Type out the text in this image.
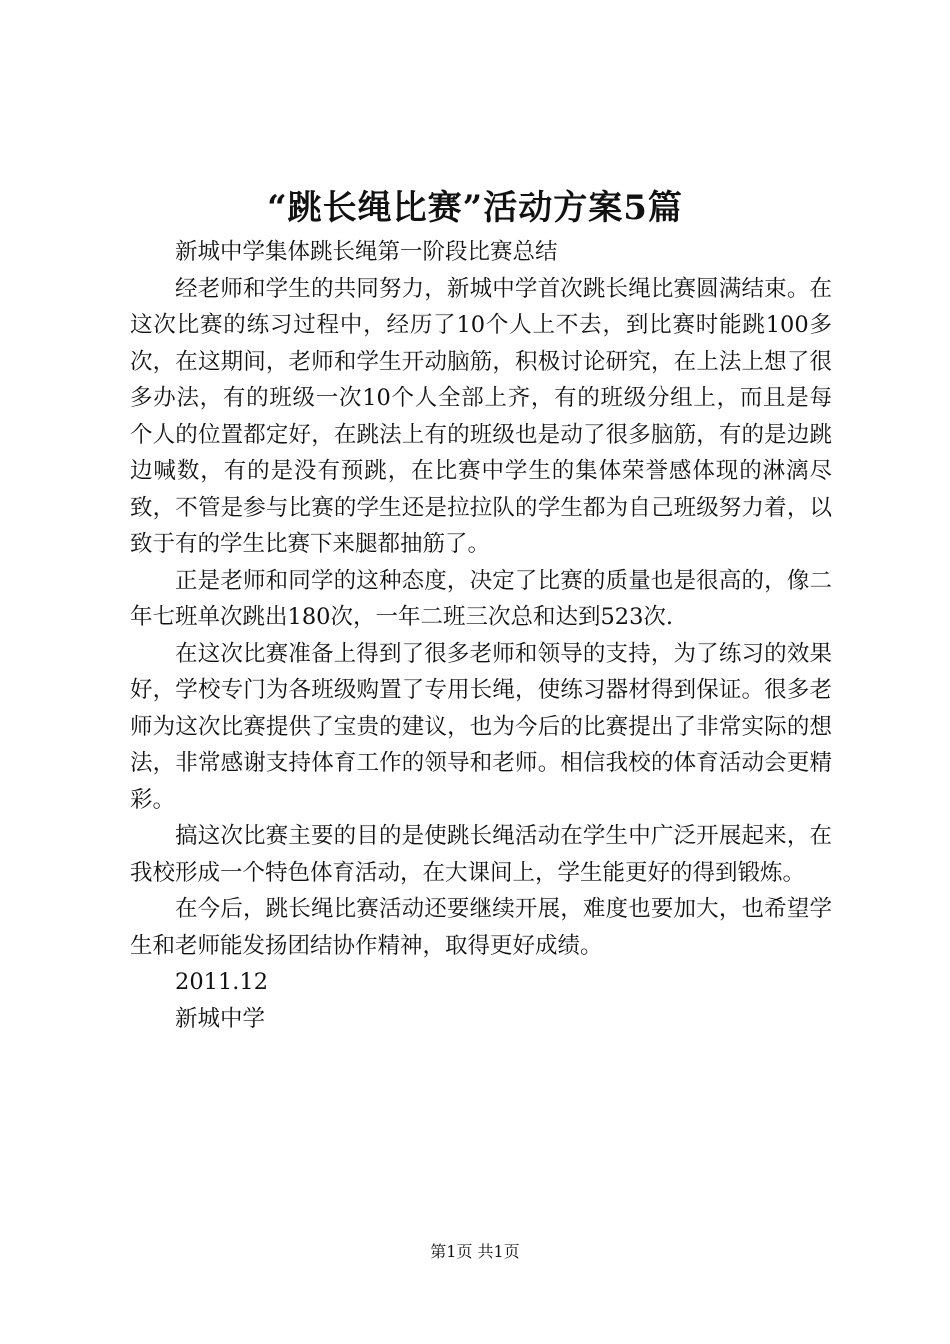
“跳长绳比赛”活动方案5篇

新城中学集体跳长绳第一阶段比赛总结

经老师和学生的共同努力，新城中学首次跳长绳比赛圆满结束。在这次比赛的练习过程中，经历了10个人上不去，到比赛时能跳100多次，在这期间，老师和学生开动脑筋，积极讨论研究，在上法上想了很多办法，有的班级一次10个人全部上齐，有的班级分组上，而且是每个人的位置都定好，在跳法上有的班级也是动了很多脑筋，有的是边跳边喊数，有的是没有预跳，在比赛中学生的集体荣誉感体现的淋漓尽致，不管是参与比赛的学生还是拉拉队的学生都为自己班级努力着，以致于有的学生比赛下来腿都抽筋了。

正是老师和同学的这种态度，决定了比赛的质量也是很高的，像二年七班单次跳出180次，一年二班三次总和达到523次.

在这次比赛准备上得到了很多老师和领导的支持，为了练习的效果好，学校专门为各班级购置了专用长绳，使练习器材得到保证。很多老师为这次比赛提供了宝贵的建议，也为今后的比赛提出了非常实际的想法，非常感谢支持体育工作的领导和老师。相信我校的体育活动会更精彩。

搞这次比赛主要的目的是使跳长绳活动在学生中广泛开展起来，在我校形成一个特色体育活动，在大课间上，学生能更好的得到锻炼。

在今后，跳长绳比赛活动还要继续开展，难度也要加大，也希望学生和老师能发扬团结协作精神，取得更好成绩。

2011.12

新城中学

第1页 共1页
